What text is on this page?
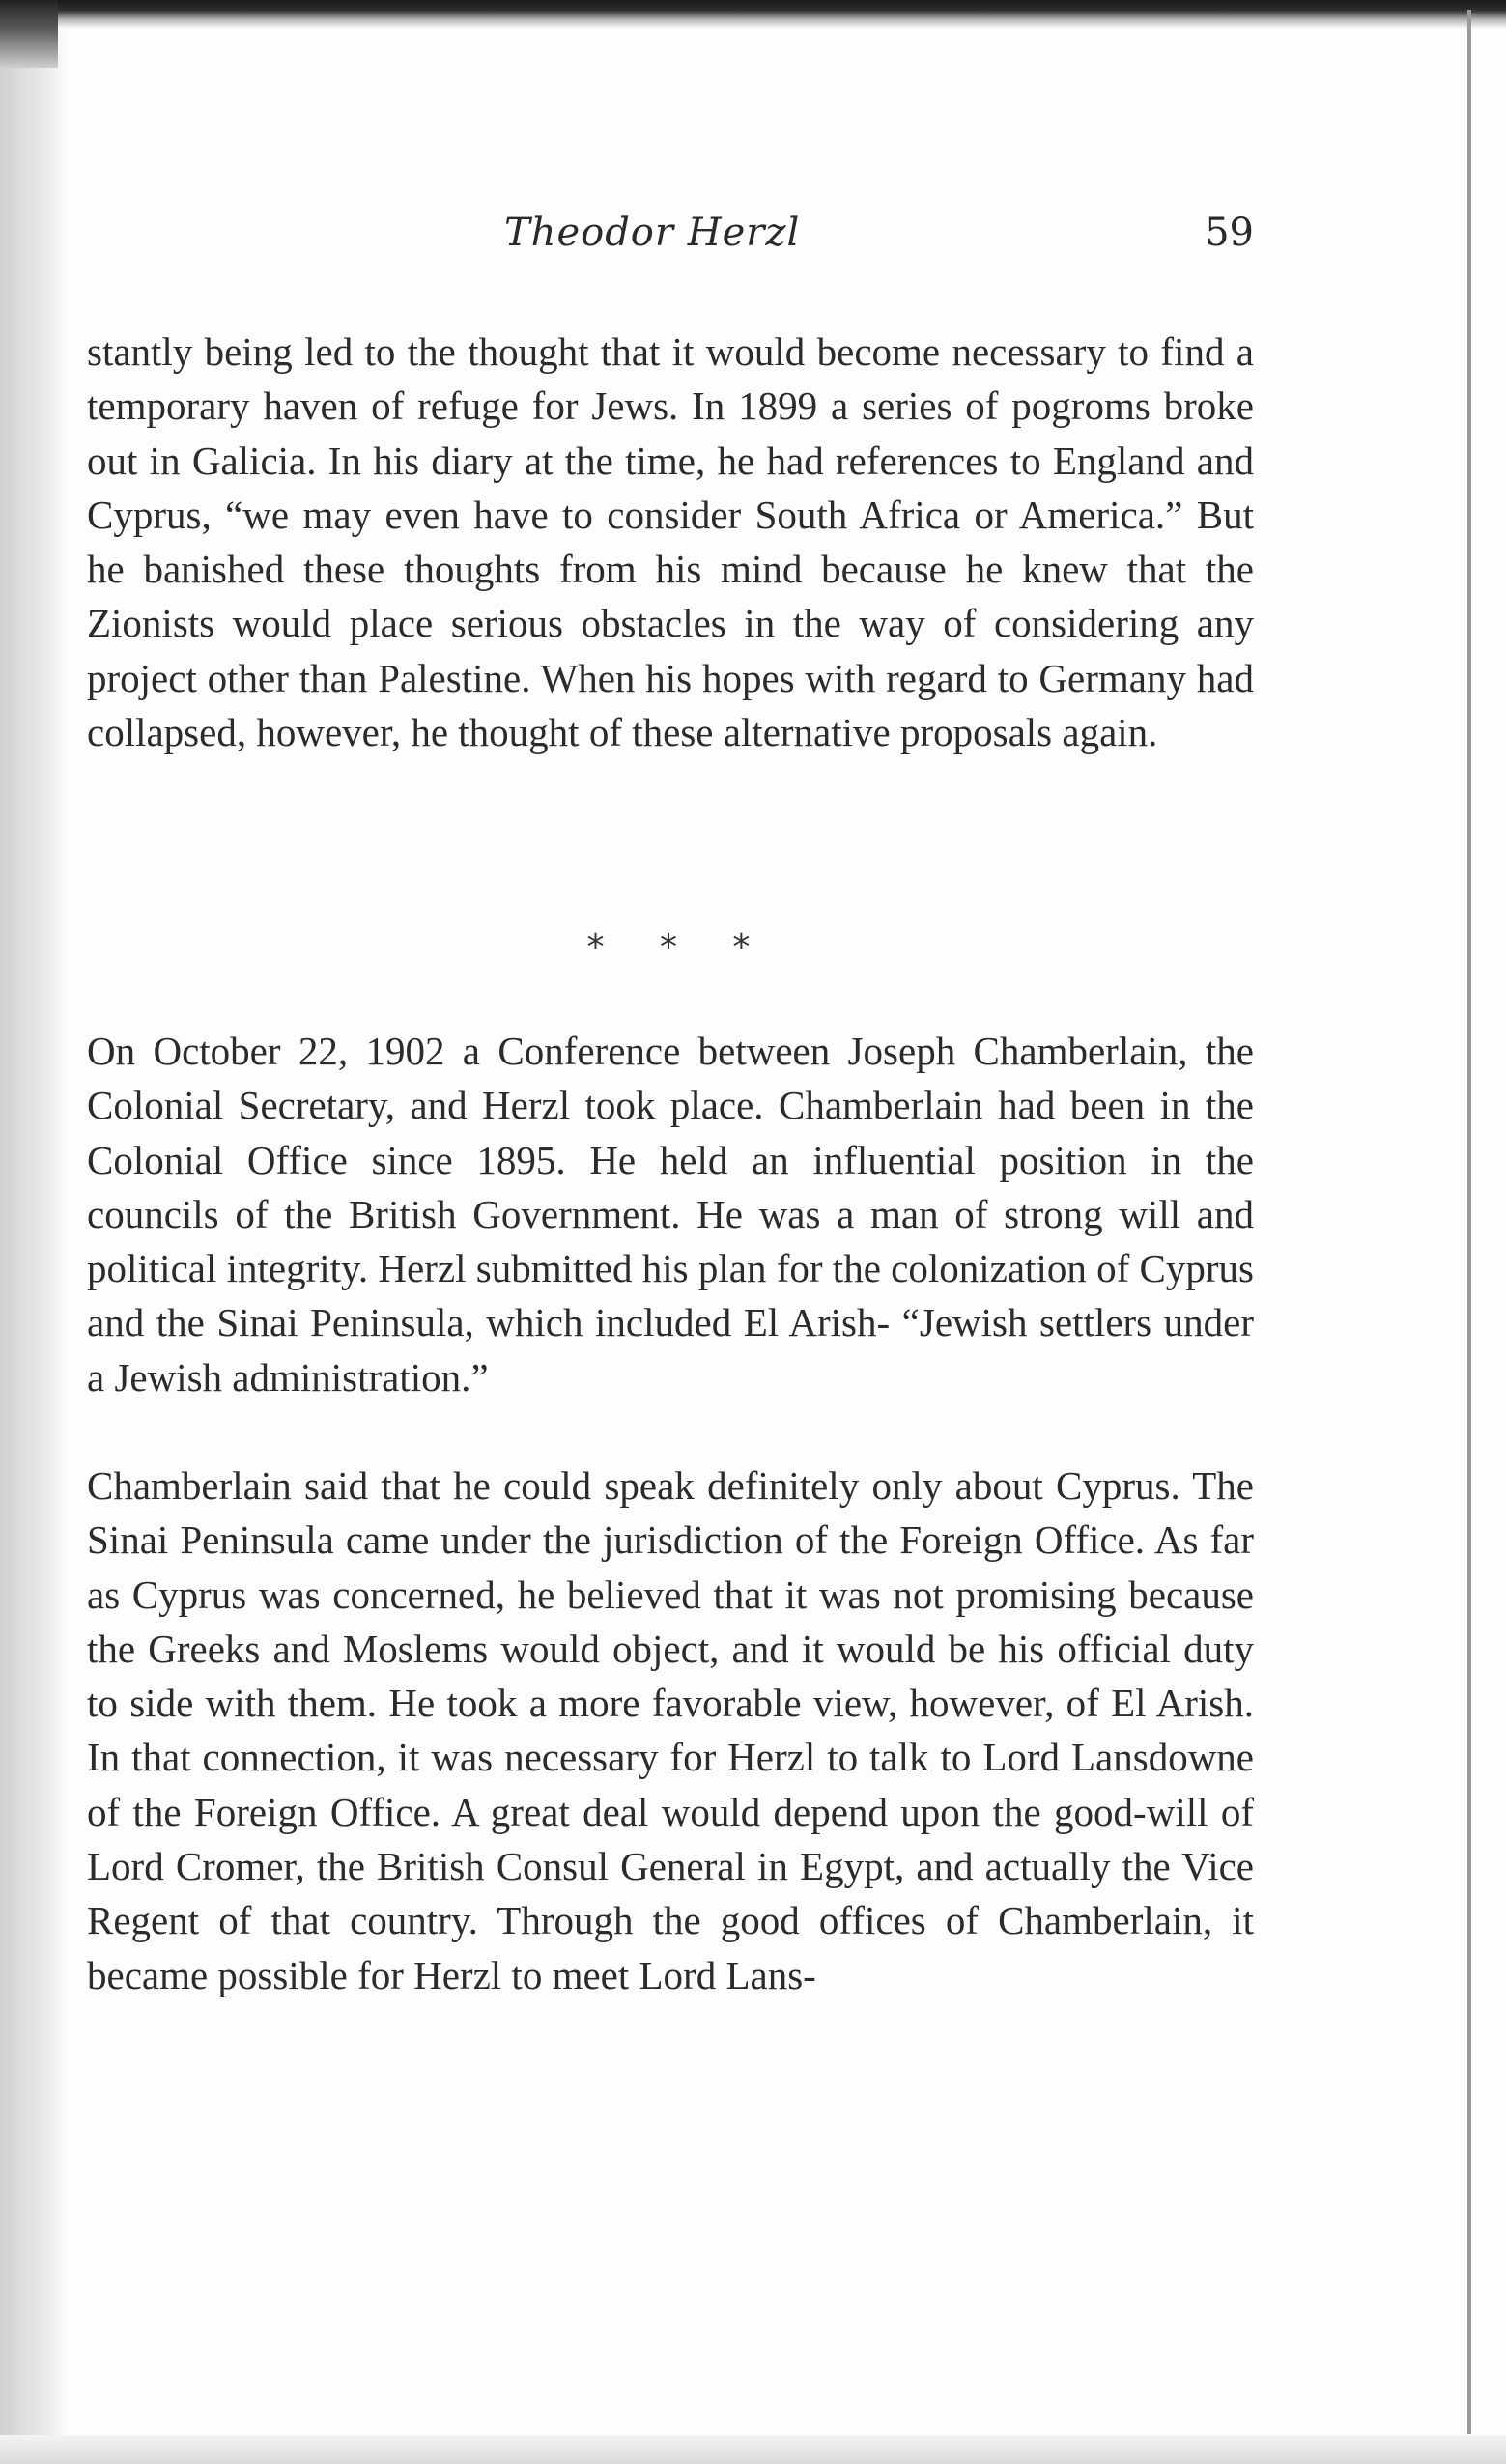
Theodor Herzl	59

stantly being led to the thought that it would become necessary to find a temporary haven of refuge for Jews. In 1899 a series of pogroms broke out in Galicia. In his diary at the time, he had references to England and Cyprus, “we may even have to consider South Africa or America.” But he banished these thoughts from his mind because he knew that the Zionists would place serious obstacles in the way of considering any project other than Palestine. When his hopes with regard to Germany had collapsed, however, he thought of these alternative proposals again.

* * *

On October 22, 1902 a Conference between Joseph Chamberlain, the Colonial Secretary, and Herzl took place. Chamberlain had been in the Colonial Office since 1895. He held an influential position in the councils of the British Government. He was a man of strong will and political integrity. Herzl submitted his plan for the colonization of Cyprus and the Sinai Peninsula, which included El Arish- “Jewish settlers under a Jewish administration.”

Chamberlain said that he could speak definitely only about Cyprus. The Sinai Peninsula came under the jurisdiction of the Foreign Office. As far as Cyprus was concerned, he believed that it was not promising because the Greeks and Moslems would object, and it would be his official duty to side with them. He took a more favorable view, however, of El Arish. In that connection, it was necessary for Herzl to talk to Lord Lansdowne of the Foreign Office. A great deal would depend upon the good-will of Lord Cromer, the British Consul General in Egypt, and actually the Vice Regent of that country. Through the good offices of Chamberlain, it became possible for Herzl to meet Lord Lans-
